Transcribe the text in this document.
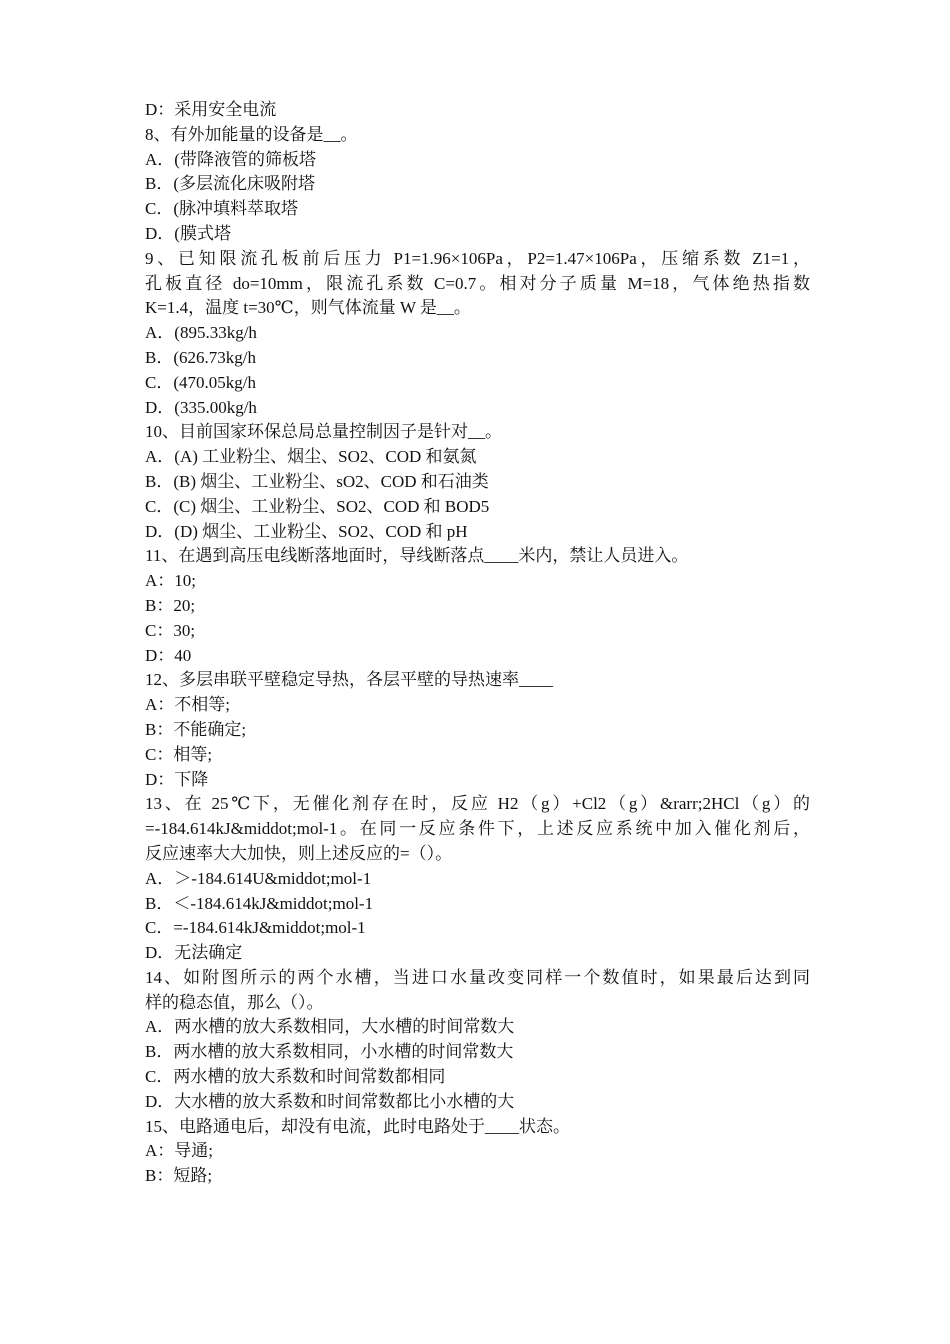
D：采用安全电流
8、有外加能量的设备是__。
A．(带降液管的筛板塔
B．(多层流化床吸附塔
C．(脉冲填料萃取塔
D．(膜式塔
9、已知限流孔板前后压力 P1=1.96×106Pa，P2=1.47×106Pa，压缩系数 Z1=1，
孔板直径 do=10mm，限流孔系数 C=0.7。相对分子质量 M=18，气体绝热指数
K=1.4，温度 t=30℃，则气体流量 W 是__。
A．(895.33kg/h
B．(626.73kg/h
C．(470.05kg/h
D．(335.00kg/h
10、目前国家环保总局总量控制因子是针对__。
A．(A) 工业粉尘、烟尘、SO2、COD 和氨氮
B．(B) 烟尘、工业粉尘、sO2、COD 和石油类
C．(C) 烟尘、工业粉尘、SO2、COD 和 BOD5
D．(D) 烟尘、工业粉尘、SO2、COD 和 pH
11、在遇到高压电线断落地面时，导线断落点____米内，禁让人员进入。
A：10;
B：20;
C：30;
D：40
12、多层串联平壁稳定导热，各层平壁的导热速率____
A：不相等;
B：不能确定;
C：相等;
D：下降
13、在 25℃下，无催化剂存在时，反应 H2（g）+Cl2（g）&rarr;2HCl（g）的
=-184.614kJ&middot;mol-1。在同一反应条件下，上述反应系统中加入催化剂后，
反应速率大大加快，则上述反应的=（）。
A．＞-184.614U&middot;mol-1
B．＜-184.614kJ&middot;mol-1
C．=-184.614kJ&middot;mol-1
D．无法确定
14、如附图所示的两个水槽，当进口水量改变同样一个数值时，如果最后达到同
样的稳态值，那么（）。
A．两水槽的放大系数相同，大水槽的时间常数大
B．两水槽的放大系数相同，小水槽的时间常数大
C．两水槽的放大系数和时间常数都相同
D．大水槽的放大系数和时间常数都比小水槽的大
15、电路通电后，却没有电流，此时电路处于____状态。
A：导通;
B：短路;
